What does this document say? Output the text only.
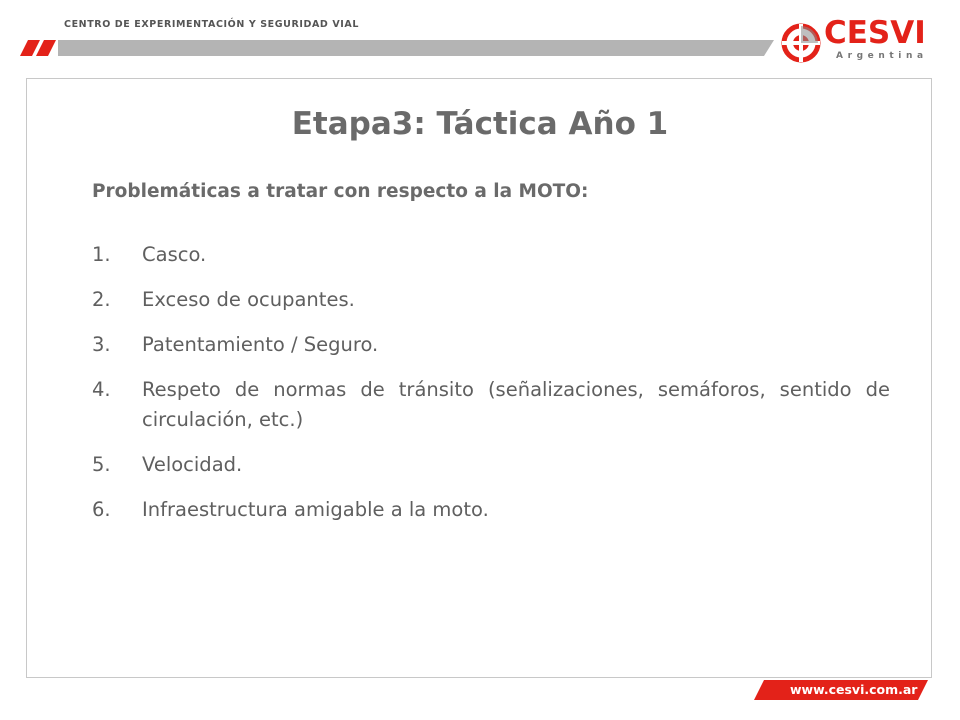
CENTRO DE EXPERIMENTACIÓN Y SEGURIDAD VIAL	CESVI
Argentina
Etapa3: Táctica Año 1

Problemáticas a tratar con respecto a la MOTO:

1.	Casco.
2.	Exceso de ocupantes.
3.	Patentamiento / Seguro.
4.	Respeto de normas de tránsito (señalizaciones, semáforos, sentido de circulación, etc.)
5.	Velocidad.
6.	Infraestructura amigable a la moto.
www.cesvi.com.ar
